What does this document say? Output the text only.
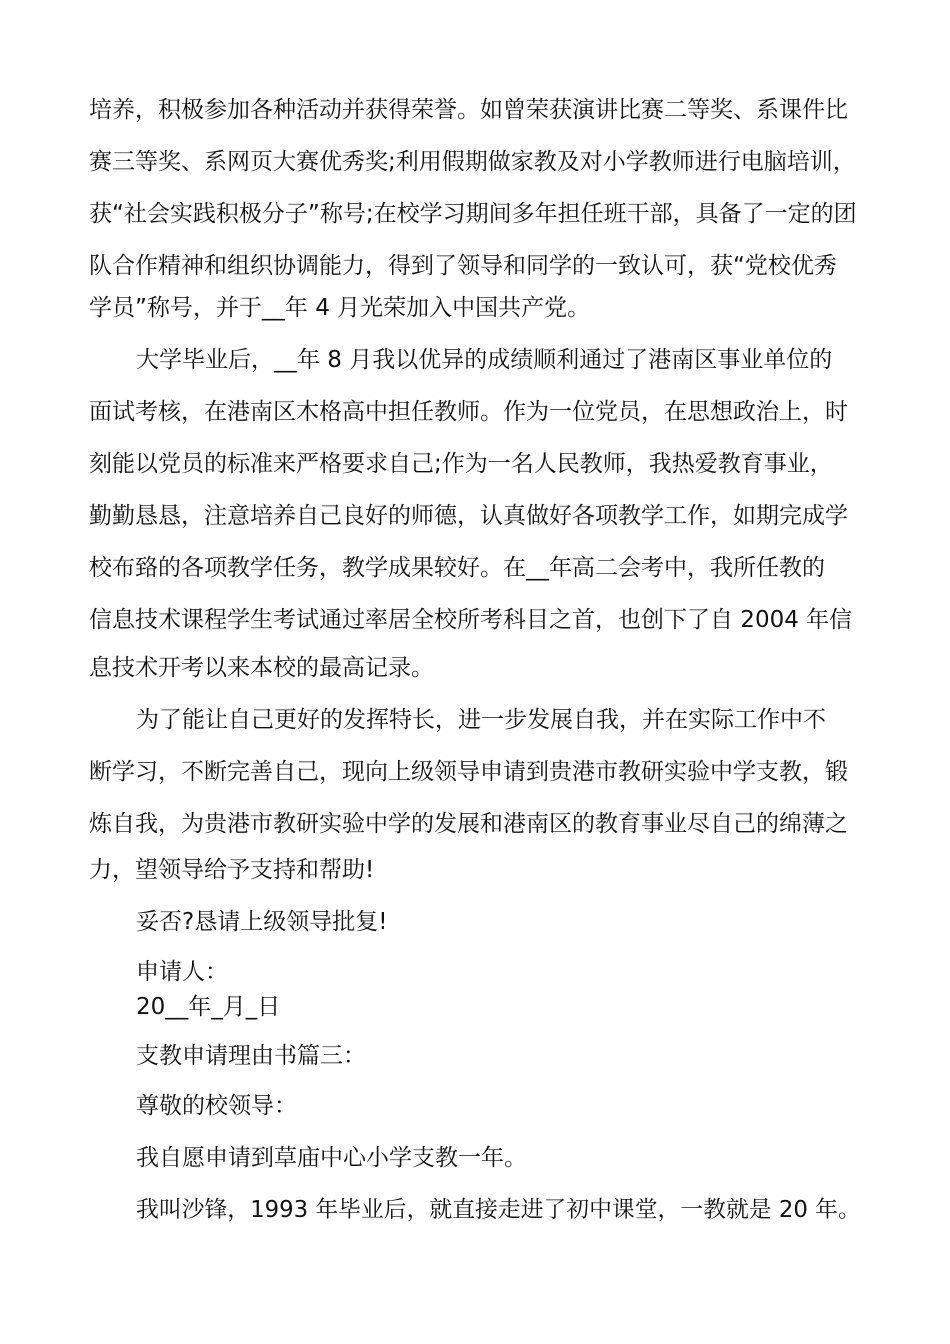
培养，积极参加各种活动并获得荣誉。如曾荣获演讲比赛二等奖、系课件比
赛三等奖、系网页大赛优秀奖;利用假期做家教及对小学教师进行电脑培训，
获“社会实践积极分子”称号;在校学习期间多年担任班干部，具备了一定的团
队合作精神和组织协调能力，得到了领导和同学的一致认可，获“党校优秀
学员”称号，并于__年 4 月光荣加入中国共产党。
大学毕业后，__年 8 月我以优异的成绩顺利通过了港南区事业单位的
面试考核，在港南区木格高中担任教师。作为一位党员，在思想政治上，时
刻能以党员的标准来严格要求自己;作为一名人民教师，我热爱教育事业，
勤勤恳恳，注意培养自己良好的师德，认真做好各项教学工作，如期完成学
校布臵的各项教学任务，教学成果较好。在__年高二会考中，我所任教的
信息技术课程学生考试通过率居全校所考科目之首，也创下了自 2004 年信
息技术开考以来本校的最高记录。
为了能让自己更好的发挥特长，进一步发展自我，并在实际工作中不
断学习，不断完善自己，现向上级领导申请到贵港市教研实验中学支教，锻
炼自我，为贵港市教研实验中学的发展和港南区的教育事业尽自己的绵薄之
力，望领导给予支持和帮助!
妥否?恳请上级领导批复!
申请人：
20__年_月_日
支教申请理由书篇三：
尊敬的校领导：
我自愿申请到草庙中心小学支教一年。
我叫沙锋，1993 年毕业后，就直接走进了初中课堂，一教就是 20 年。
